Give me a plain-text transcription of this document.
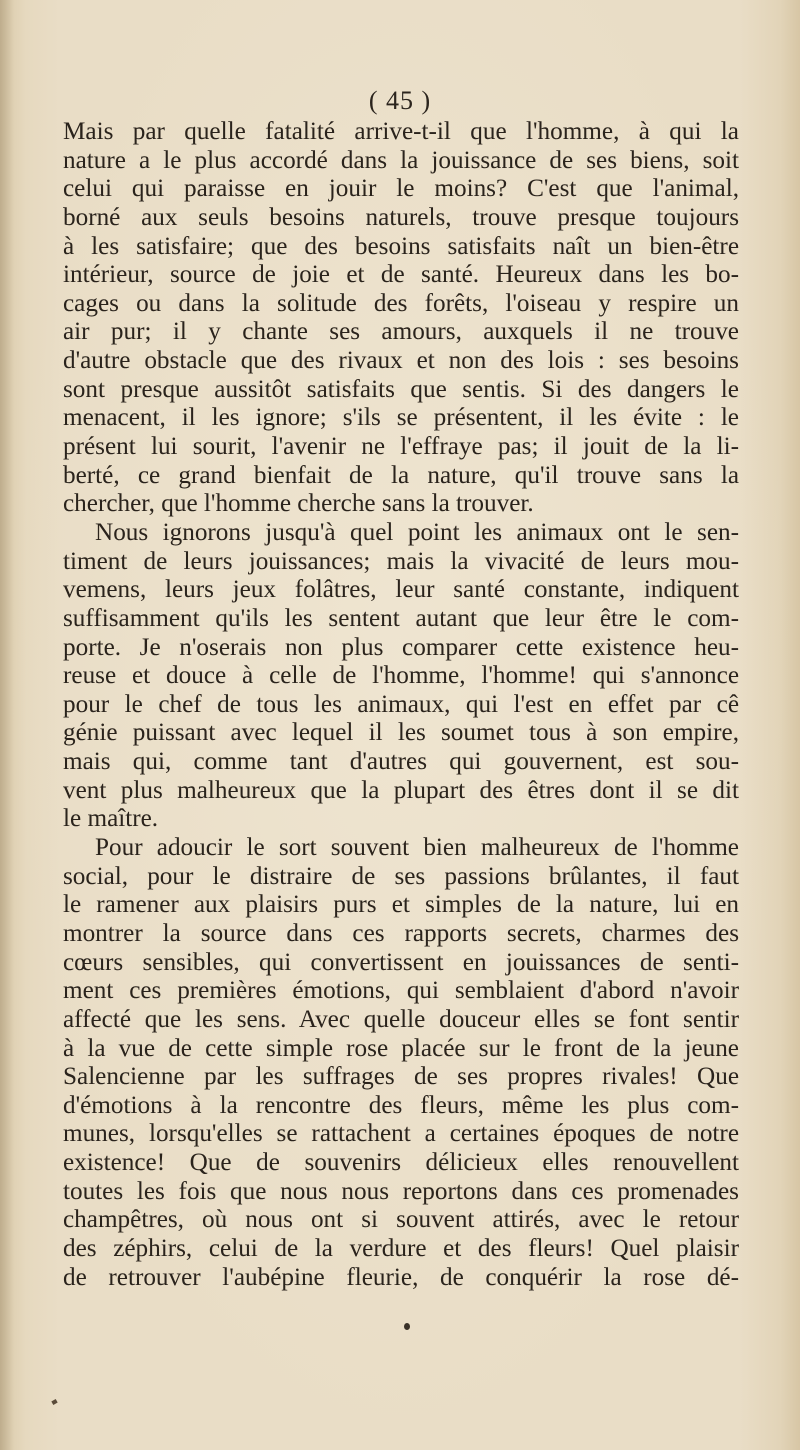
( 45 )
Mais par quelle fatalité arrive-t-il que l'homme, à qui la
nature a le plus accordé dans la jouissance de ses biens, soit
celui qui paraisse en jouir le moins? C'est que l'animal,
borné aux seuls besoins naturels, trouve presque toujours
à les satisfaire; que des besoins satisfaits naît un bien-être
intérieur, source de joie et de santé. Heureux dans les bo-
cages ou dans la solitude des forêts, l'oiseau y respire un
air pur; il y chante ses amours, auxquels il ne trouve
d'autre obstacle que des rivaux et non des lois : ses besoins
sont presque aussitôt satisfaits que sentis. Si des dangers le
menacent, il les ignore; s'ils se présentent, il les évite : le
présent lui sourit, l'avenir ne l'effraye pas; il jouit de la li-
berté, ce grand bienfait de la nature, qu'il trouve sans la
chercher, que l'homme cherche sans la trouver.
Nous ignorons jusqu'à quel point les animaux ont le sen-
timent de leurs jouissances; mais la vivacité de leurs mou-
vemens, leurs jeux folâtres, leur santé constante, indiquent
suffisamment qu'ils les sentent autant que leur être le com-
porte. Je n'oserais non plus comparer cette existence heu-
reuse et douce à celle de l'homme, l'homme! qui s'annonce
pour le chef de tous les animaux, qui l'est en effet par cê
génie puissant avec lequel il les soumet tous à son empire,
mais qui, comme tant d'autres qui gouvernent, est sou-
vent plus malheureux que la plupart des êtres dont il se dit
le maître.
Pour adoucir le sort souvent bien malheureux de l'homme
social, pour le distraire de ses passions brûlantes, il faut
le ramener aux plaisirs purs et simples de la nature, lui en
montrer la source dans ces rapports secrets, charmes des
cœurs sensibles, qui convertissent en jouissances de senti-
ment ces premières émotions, qui semblaient d'abord n'avoir
affecté que les sens. Avec quelle douceur elles se font sentir
à la vue de cette simple rose placée sur le front de la jeune
Salencienne par les suffrages de ses propres rivales! Que
d'émotions à la rencontre des fleurs, même les plus com-
munes, lorsqu'elles se rattachent a certaines époques de notre
existence! Que de souvenirs délicieux elles renouvellent
toutes les fois que nous nous reportons dans ces promenades
champêtres, où nous ont si souvent attirés, avec le retour
des zéphirs, celui de la verdure et des fleurs! Quel plaisir
de retrouver l'aubépine fleurie, de conquérir la rose dé-
